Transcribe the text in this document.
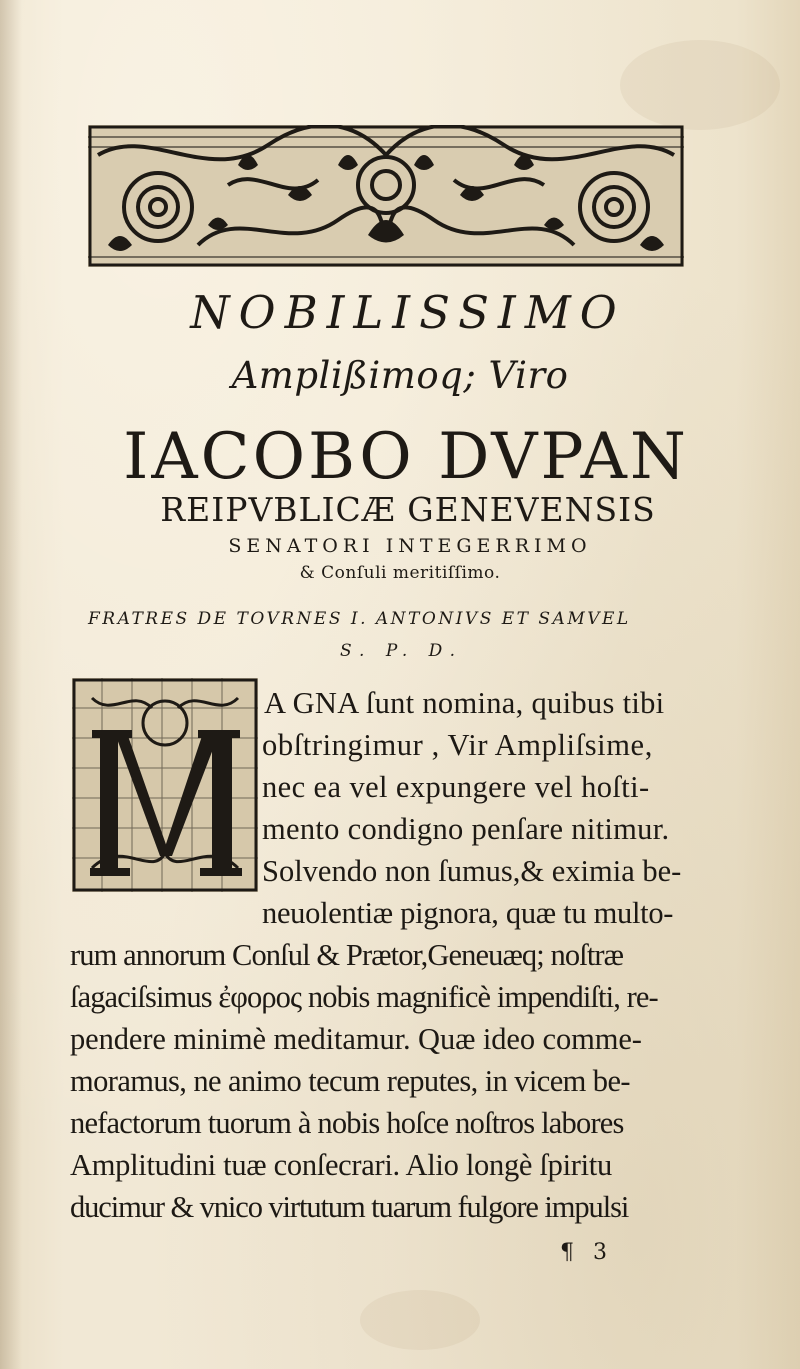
NOBILISSIMO
Amplißimoq; Viro
IACOBO DVPAN
REIPVBLICÆ GENEVENSIS
SENATORI INTEGERRIMO
& Conſuli meritiſſimo.
FRATRES DE TOVRNES I. ANTONIVS ET SAMVEL
S. P. D.
A GNA ſunt nomina, quibus tibi
obſtringimur , Vir Ampliſsime,
nec ea vel expungere vel hoſti-
mento condigno penſare nitimur.
Solvendo non ſumus,& eximia be-
neuolentiæ pignora, quæ tu multo-
rum annorum Conſul & Prætor,Geneuæq; noſtræ
ſagaciſsimus ἐφορος nobis magnificè impendiſti, re-
pendere minimè meditamur. Quæ ideo comme-
moramus, ne animo tecum reputes, in vicem be-
nefactorum tuorum à nobis hoſce noſtros labores
Amplitudini tuæ conſecrari. Alio longè ſpiritu
ducimur & vnico virtutum tuarum fulgore impulsi
¶ 3
